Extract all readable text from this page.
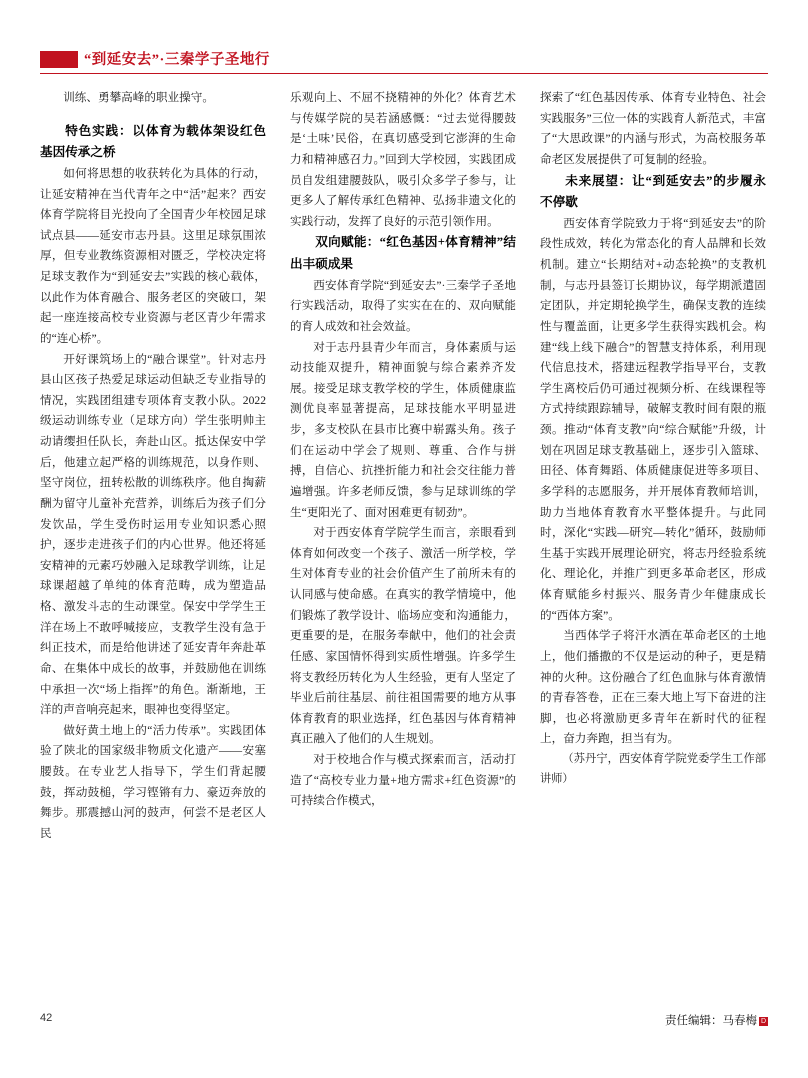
“到延安去”·三秦学子圣地行

训练、勇攀高峰的职业操守。

特色实践：以体育为载体架设红色基因传承之桥

如何将思想的收获转化为具体的行动，让延安精神在当代青年之中“活”起来？西安体育学院将目光投向了全国青少年校园足球试点县——延安市志丹县。这里足球氛围浓厚，但专业教练资源相对匮乏，学校决定将足球支教作为“到延安去”实践的核心载体，以此作为体育融合、服务老区的突破口，架起一座连接高校专业资源与老区青少年需求的“连心桥”。

开好课筑场上的“融合课堂”。针对志丹县山区孩子热爱足球运动但缺乏专业指导的情况，实践团组建专项体育支教小队。2022级运动训练专业（足球方向）学生张明帅主动请缨担任队长，奔赴山区。抵达保安中学后，他建立起严格的训练规范，以身作则、坚守岗位，扭转松散的训练秩序。他自掏薪酬为留守儿童补充营养，训练后为孩子们分发饮品，学生受伤时运用专业知识悉心照护，逐步走进孩子们的内心世界。他还将延安精神的元素巧妙融入足球教学训练，让足球课超越了单纯的体育范畴，成为塑造品格、激发斗志的生动课堂。保安中学学生王洋在场上不敢呼喊接应，支教学生没有急于纠正技术，而是给他讲述了延安青年奔赴革命、在集体中成长的故事，并鼓励他在训练中承担一次“场上指挥”的角色。渐渐地，王洋的声音响亮起来，眼神也变得坚定。

做好黄土地上的“活力传承”。实践团体验了陕北的国家级非物质文化遗产——安塞腰鼓。在专业艺人指导下，学生们背起腰鼓，挥动鼓槌，学习铿锵有力、豪迈奔放的舞步。那震撼山河的鼓声，何尝不是老区人民

乐观向上、不屈不挠精神的外化？体育艺术与传媒学院的吴若涵感慨：“过去觉得腰鼓是‘土味’民俗，在真切感受到它澎湃的生命力和精神感召力。”回到大学校园，实践团成员自发组建腰鼓队，吸引众多学子参与，让更多人了解传承红色精神、弘扬非遗文化的实践行动，发挥了良好的示范引领作用。

双向赋能：“红色基因+体育精神”结出丰硕成果

西安体育学院“到延安去”·三秦学子圣地行实践活动，取得了实实在在的、双向赋能的育人成效和社会效益。

对于志丹县青少年而言，身体素质与运动技能双提升，精神面貌与综合素养齐发展。接受足球支教学校的学生，体质健康监测优良率显著提高，足球技能水平明显进步，多支校队在县市比赛中崭露头角。孩子们在运动中学会了规则、尊重、合作与拼搏，自信心、抗挫折能力和社会交往能力普遍增强。许多老师反馈，参与足球训练的学生“更阳光了、面对困难更有韧劲”。

对于西安体育学院学生而言，亲眼看到体育如何改变一个孩子、激活一所学校，学生对体育专业的社会价值产生了前所未有的认同感与使命感。在真实的教学情境中，他们锻炼了教学设计、临场应变和沟通能力，更重要的是，在服务奉献中，他们的社会责任感、家国情怀得到实质性增强。许多学生将支教经历转化为人生经验，更有人坚定了毕业后前往基层、前往祖国需要的地方从事体育教育的职业选择，红色基因与体育精神真正融入了他们的人生规划。

对于校地合作与模式探索而言，活动打造了“高校专业力量+地方需求+红色资源”的可持续合作模式，

探索了“红色基因传承、体育专业特色、社会实践服务”三位一体的实践育人新范式，丰富了“大思政课”的内涵与形式，为高校服务革命老区发展提供了可复制的经验。

未来展望：让“到延安去”的步履永不停歇

西安体育学院致力于将“到延安去”的阶段性成效，转化为常态化的育人品牌和长效机制。建立“长期结对+动态轮换”的支教机制，与志丹县签订长期协议，每学期派遣固定团队，并定期轮换学生，确保支教的连续性与覆盖面，让更多学生获得实践机会。构建“线上线下融合”的智慧支持体系，利用现代信息技术，搭建远程教学指导平台，支教学生离校后仍可通过视频分析、在线课程等方式持续跟踪辅导，破解支教时间有限的瓶颈。推动“体育支教”向“综合赋能”升级，计划在巩固足球支教基础上，逐步引入篮球、田径、体育舞蹈、体质健康促进等多项目、多学科的志愿服务，并开展体育教师培训，助力当地体育教育水平整体提升。与此同时，深化“实践—研究—转化”循环，鼓励师生基于实践开展理论研究，将志丹经验系统化、理论化，并推广到更多革命老区，形成体育赋能乡村振兴、服务青少年健康成长的“西体方案”。

当西体学子将汗水洒在革命老区的土地上，他们播撒的不仅是运动的种子，更是精神的火种。这份融合了红色血脉与体育激情的青春答卷，正在三秦大地上写下奋进的注脚，也必将激励更多青年在新时代的征程上，奋力奔跑，担当有为。

（苏丹宁，西安体育学院党委学生工作部讲师）

42	责任编辑：马春梅 D
